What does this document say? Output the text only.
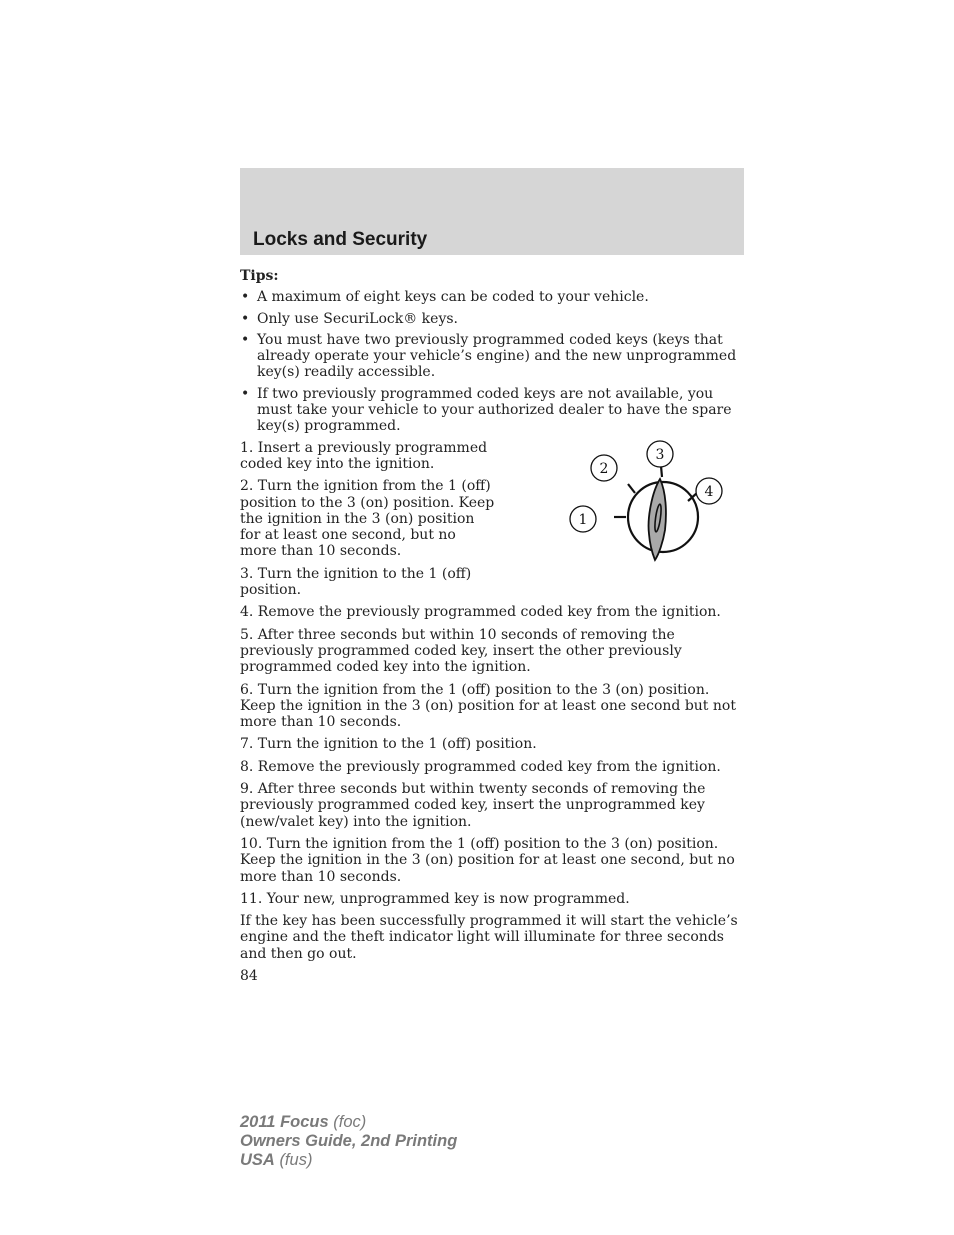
Locks and Security

Tips:

• A maximum of eight keys can be coded to your vehicle.
• Only use SecuriLock® keys.
• You must have two previously programmed coded keys (keys that already operate your vehicle’s engine) and the new unprogrammed key(s) readily accessible.
• If two previously programmed coded keys are not available, you must take your vehicle to your authorized dealer to have the spare key(s) programmed.

1. Insert a previously programmed coded key into the ignition.

2. Turn the ignition from the 1 (off) position to the 3 (on) position. Keep the ignition in the 3 (on) position for at least one second, but no more than 10 seconds.

3. Turn the ignition to the 1 (off) position.

1
2
3
4

4. Remove the previously programmed coded key from the ignition.

5. After three seconds but within 10 seconds of removing the previously programmed coded key, insert the other previously programmed coded key into the ignition.

6. Turn the ignition from the 1 (off) position to the 3 (on) position. Keep the ignition in the 3 (on) position for at least one second but not more than 10 seconds.

7. Turn the ignition to the 1 (off) position.

8. Remove the previously programmed coded key from the ignition.

9. After three seconds but within twenty seconds of removing the previously programmed coded key, insert the unprogrammed key (new/valet key) into the ignition.

10. Turn the ignition from the 1 (off) position to the 3 (on) position. Keep the ignition in the 3 (on) position for at least one second, but no more than 10 seconds.

11. Your new, unprogrammed key is now programmed.

If the key has been successfully programmed it will start the vehicle’s engine and the theft indicator light will illuminate for three seconds and then go out.

84
2011 Focus (foc)
Owners Guide, 2nd Printing
USA (fus)
